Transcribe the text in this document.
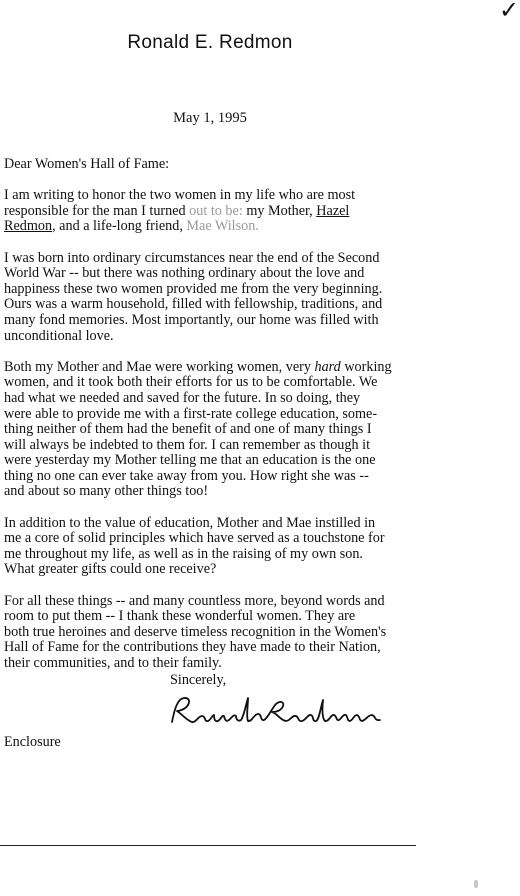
✓
Ronald E. Redmon
May 1, 1995

Dear Women's Hall of Fame:

I am writing to honor the two women in my life who are most
responsible for the man I turned out to be: my Mother, Hazel
Redmon, and a life-long friend, Mae Wilson.

I was born into ordinary circumstances near the end of the Second
World War -- but there was nothing ordinary about the love and
happiness these two women provided me from the very beginning.
Ours was a warm household, filled with fellowship, traditions, and
many fond memories. Most importantly, our home was filled with
unconditional love.

Both my Mother and Mae were working women, very hard working
women, and it took both their efforts for us to be comfortable. We
had what we needed and saved for the future. In so doing, they
were able to provide me with a first-rate college education, some-
thing neither of them had the benefit of and one of many things I
will always be indebted to them for. I can remember as though it
were yesterday my Mother telling me that an education is the one
thing no one can ever take away from you. How right she was --
and about so many other things too!

In addition to the value of education, Mother and Mae instilled in
me a core of solid principles which have served as a touchstone for
me throughout my life, as well as in the raising of my own son.
What greater gifts could one receive?

For all these things -- and many countless more, beyond words and
room to put them -- I thank these wonderful women. They are
both true heroines and deserve timeless recognition in the Women's
Hall of Fame for the contributions they have made to their Nation,
their communities, and to their family.

Sincerely,
Enclosure
